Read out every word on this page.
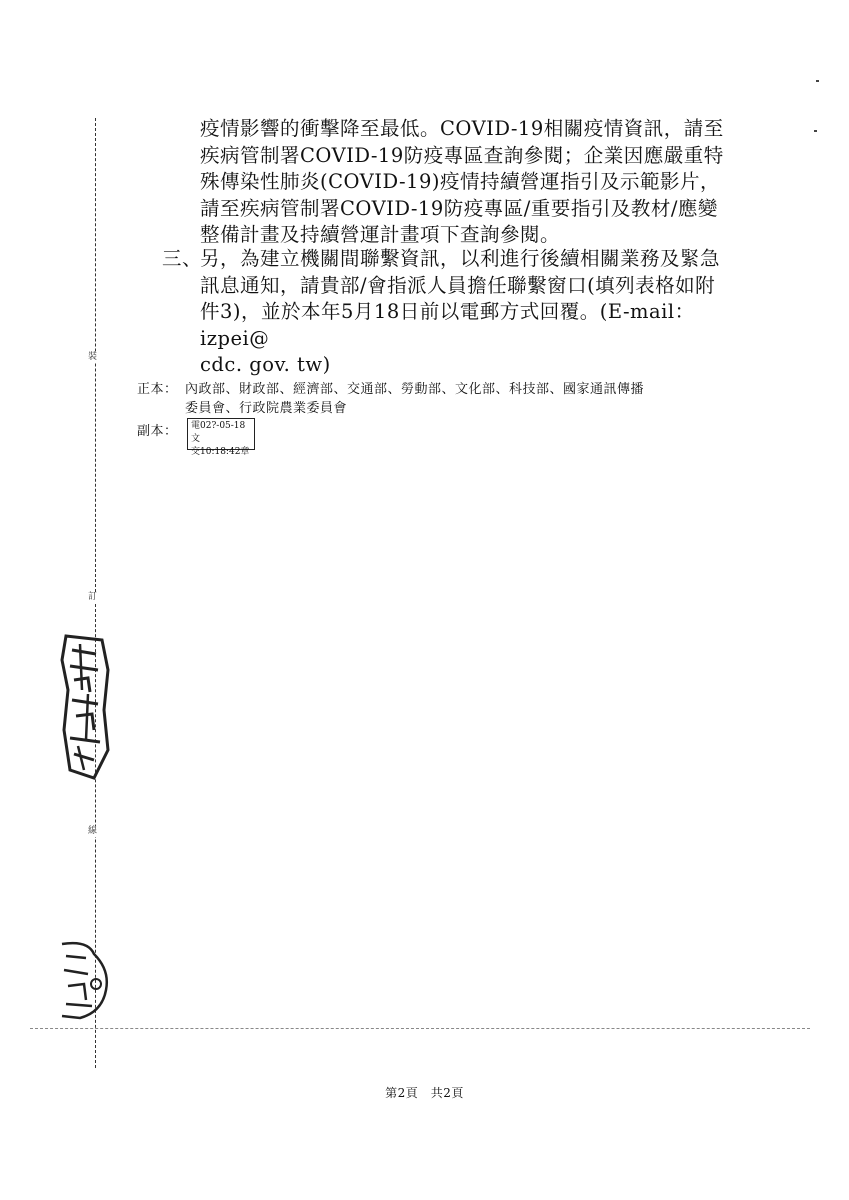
裝
訂
線
疫情影響的衝擊降至最低。COVID-19相關疫情資訊，請至
疾病管制署COVID-19防疫專區查詢參閱；企業因應嚴重特
殊傳染性肺炎(COVID-19)疫情持續營運指引及示範影片，
請至疾病管制署COVID-19防疫專區/重要指引及教材/應變
整備計畫及持續營運計畫項下查詢參閱。
三、另，為建立機關間聯繫資訊，以利進行後續相關業務及緊急
訊息通知，請貴部/會指派人員擔任聯繫窗口(填列表格如附
件3)，並於本年5月18日前以電郵方式回覆。(E-mail：izpei@
cdc. gov. tw)
正本： 內政部、財政部、經濟部、交通部、勞動部、文化部、科技部、國家通訊傳播
委員會、行政院農業委員會
副本： 電02?-05-18文
交10:18:42章
第2頁　共2頁
